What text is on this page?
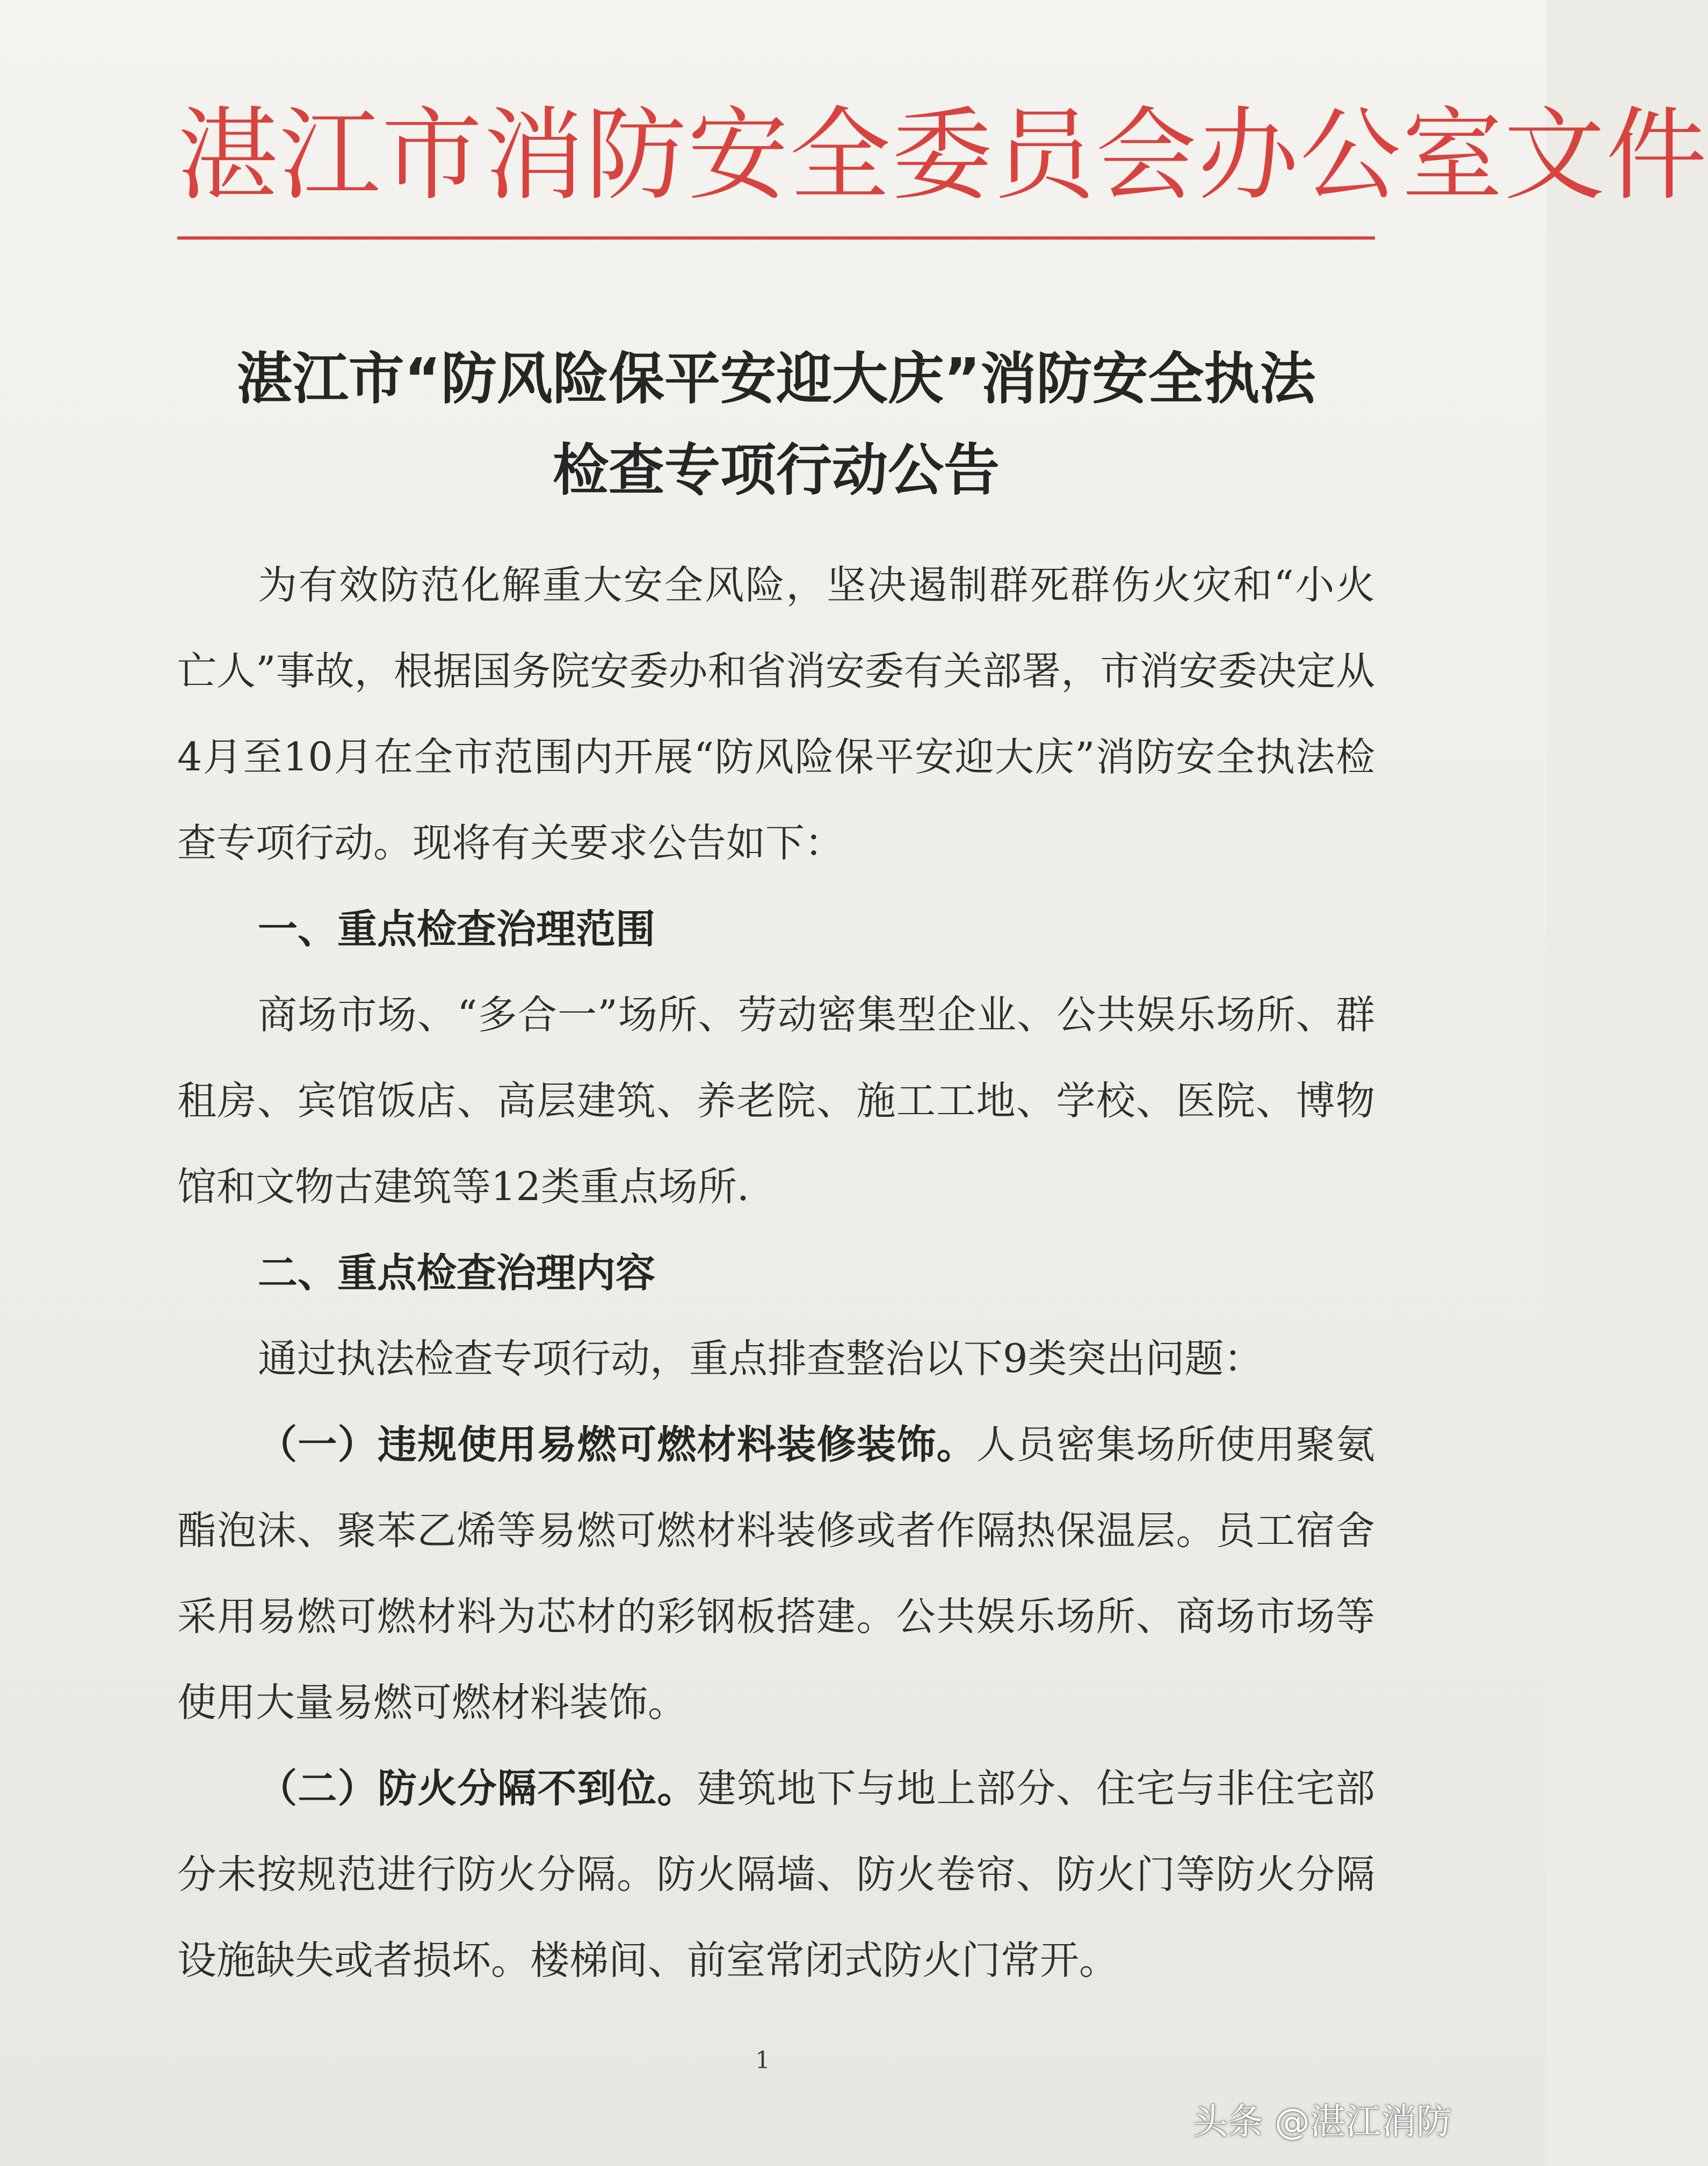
湛江市消防安全委员会办公室文件
湛江市“防风险保平安迎大庆”消防安全执法
检查专项行动公告

为有效防范化解重大安全风险，坚决遏制群死群伤火灾和“小火亡人”事故，根据国务院安委办和省消安委有关部署，市消安委决定从4月至10月在全市范围内开展“防风险保平安迎大庆”消防安全执法检查专项行动。现将有关要求公告如下：

一、重点检查治理范围

商场市场、“多合一”场所、劳动密集型企业、公共娱乐场所、群租房、宾馆饭店、高层建筑、养老院、施工工地、学校、医院、博物馆和文物古建筑等12类重点场所.

二、重点检查治理内容

通过执法检查专项行动，重点排查整治以下9类突出问题：

（一）违规使用易燃可燃材料装修装饰。人员密集场所使用聚氨酯泡沫、聚苯乙烯等易燃可燃材料装修或者作隔热保温层。员工宿舍采用易燃可燃材料为芯材的彩钢板搭建。公共娱乐场所、商场市场等使用大量易燃可燃材料装饰。

（二）防火分隔不到位。建筑地下与地上部分、住宅与非住宅部分未按规范进行防火分隔。防火隔墙、防火卷帘、防火门等防火分隔设施缺失或者损坏。楼梯间、前室常闭式防火门常开。

1
头条 @湛江消防
